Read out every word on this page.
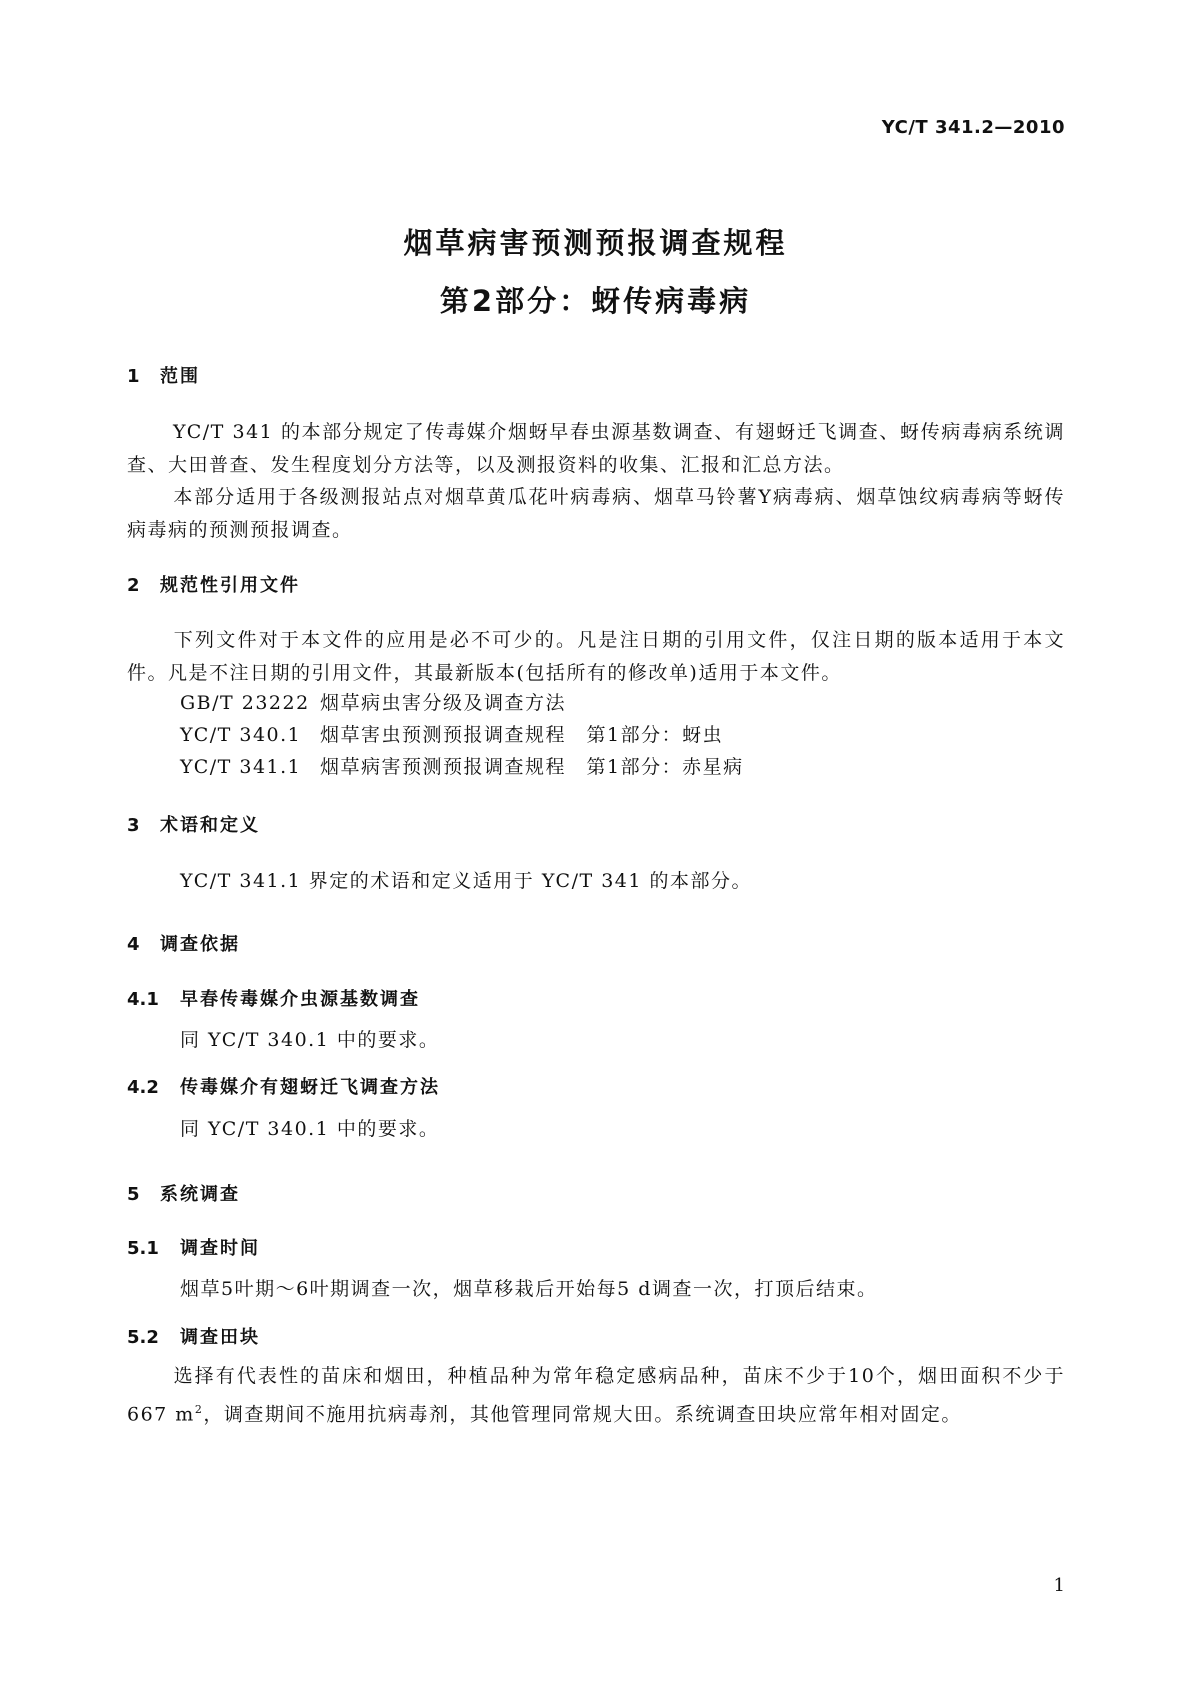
YC/T 341.2—2010
烟草病害预测预报调查规程
第2部分：蚜传病毒病
1 范围
YC/T 341 的本部分规定了传毒媒介烟蚜早春虫源基数调查、有翅蚜迁飞调查、蚜传病毒病系统调查、大田普查、发生程度划分方法等，以及测报资料的收集、汇报和汇总方法。
本部分适用于各级测报站点对烟草黄瓜花叶病毒病、烟草马铃薯Y病毒病、烟草蚀纹病毒病等蚜传病毒病的预测预报调查。
2 规范性引用文件
下列文件对于本文件的应用是必不可少的。凡是注日期的引用文件，仅注日期的版本适用于本文件。凡是不注日期的引用文件，其最新版本(包括所有的修改单)适用于本文件。
GB/T 23222 烟草病虫害分级及调查方法
YC/T 340.1 烟草害虫预测预报调查规程　第1部分：蚜虫
YC/T 341.1 烟草病害预测预报调查规程　第1部分：赤星病
3 术语和定义
YC/T 341.1 界定的术语和定义适用于 YC/T 341 的本部分。
4 调查依据
4.1 早春传毒媒介虫源基数调查
同 YC/T 340.1 中的要求。
4.2 传毒媒介有翅蚜迁飞调查方法
同 YC/T 340.1 中的要求。
5 系统调查
5.1 调查时间
烟草5叶期～6叶期调查一次，烟草移栽后开始每5 d调查一次，打顶后结束。
5.2 调查田块
选择有代表性的苗床和烟田，种植品种为常年稳定感病品种，苗床不少于10个，烟田面积不少于667 $m^2$，调查期间不施用抗病毒剂，其他管理同常规大田。系统调查田块应常年相对固定。
1
